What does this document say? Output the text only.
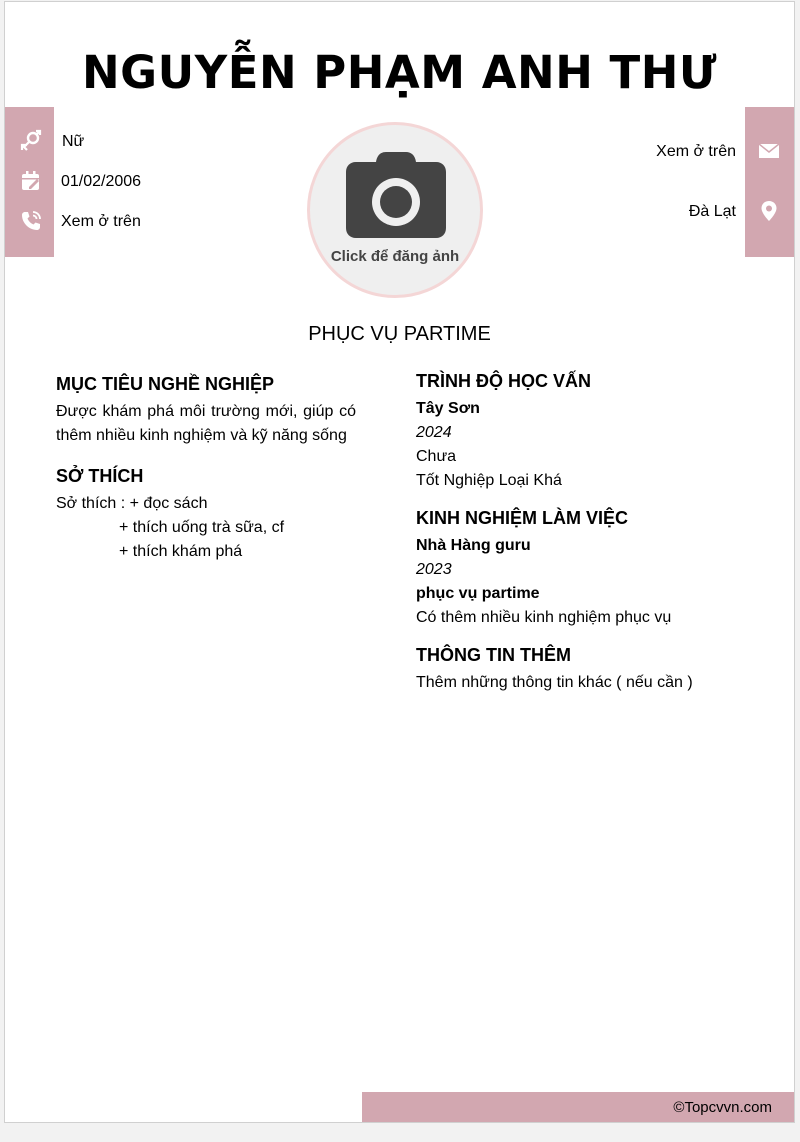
NGUYỄN PHẠM ANH THƯ
Nữ
01/02/2006
Xem ở trên
Click để đăng ảnh
Xem ở trên
Đà Lạt
PHỤC VỤ PARTIME
MỤC TIÊU NGHỀ NGHIỆP
Được khám phá môi trường mới, giúp có thêm nhiều kinh nghiệm và kỹ năng sống
SỞ THÍCH
Sở thích : + đọc sách
+ thích uống trà sữa, cf
+ thích khám phá
TRÌNH ĐỘ HỌC VẤN
Tây Sơn
2024
Chưa
Tốt Nghiệp Loại Khá
KINH NGHIỆM LÀM VIỆC
Nhà Hàng guru
2023
phục vụ partime
Có thêm nhiều kinh nghiệm phục vụ
THÔNG TIN THÊM
Thêm những thông tin khác ( nếu cần )
©Topcvvn.com
